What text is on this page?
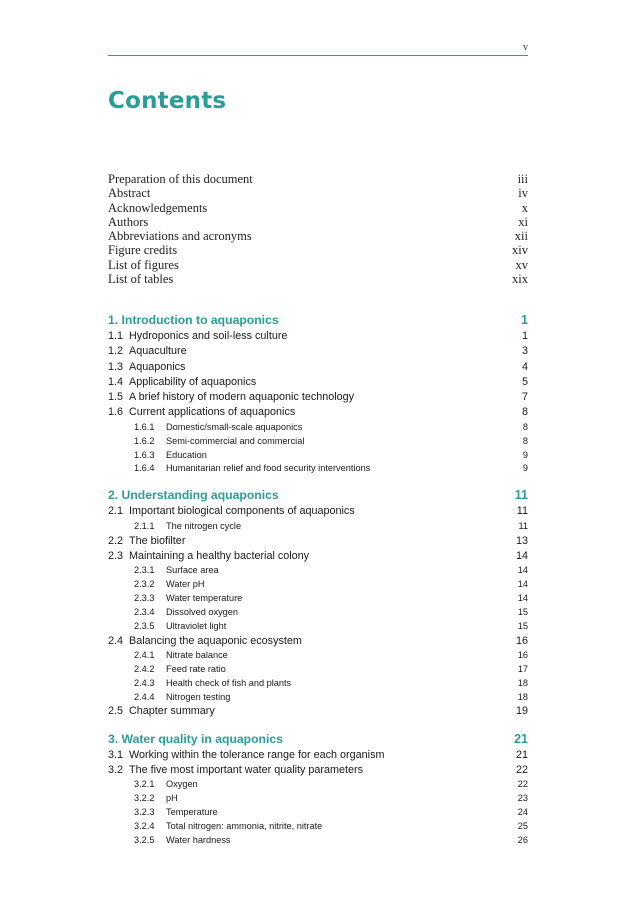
v
Contents
Preparation of this document	iii
Abstract	iv
Acknowledgements	x
Authors	xi
Abbreviations and acronyms	xii
Figure credits	xiv
List of figures	xv
List of tables	xix
1. Introduction to aquaponics	1
1.1 Hydroponics and soil-less culture	1
1.2 Aquaculture	3
1.3 Aquaponics	4
1.4 Applicability of aquaponics	5
1.5 A brief history of modern aquaponic technology	7
1.6 Current applications of aquaponics	8
1.6.1 Domestic/small-scale aquaponics	8
1.6.2 Semi-commercial and commercial	8
1.6.3 Education	9
1.6.4 Humanitarian relief and food security interventions	9
2. Understanding aquaponics	11
2.1 Important biological components of aquaponics	11
2.1.1 The nitrogen cycle	11
2.2 The biofilter	13
2.3 Maintaining a healthy bacterial colony	14
2.3.1 Surface area	14
2.3.2 Water pH	14
2.3.3 Water temperature	14
2.3.4 Dissolved oxygen	15
2.3.5 Ultraviolet light	15
2.4 Balancing the aquaponic ecosystem	16
2.4.1 Nitrate balance	16
2.4.2 Feed rate ratio	17
2.4.3 Health check of fish and plants	18
2.4.4 Nitrogen testing	18
2.5 Chapter summary	19
3. Water quality in aquaponics	21
3.1 Working within the tolerance range for each organism	21
3.2 The five most important water quality parameters	22
3.2.1 Oxygen	22
3.2.2 pH	23
3.2.3 Temperature	24
3.2.4 Total nitrogen: ammonia, nitrite, nitrate	25
3.2.5 Water hardness	26
